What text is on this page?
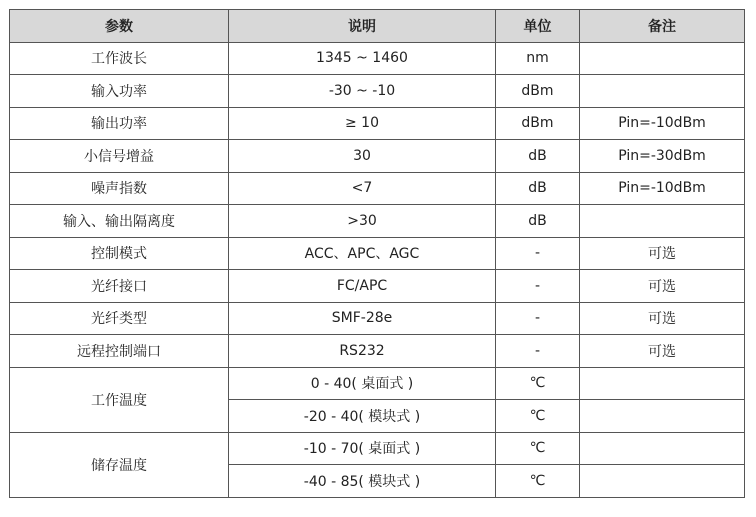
参数	说明	单位	备注
工作波长	1345 ~ 1460	nm	
输入功率	-30 ~ -10	dBm	
输出功率	≥ 10	dBm	Pin=-10dBm
小信号增益	30	dB	Pin=-30dBm
噪声指数	<7	dB	Pin=-10dBm
输入、输出隔离度	>30	dB	
控制模式	ACC、APC、AGC	-	可选
光纤接口	FC/APC	-	可选
光纤类型	SMF-28e	-	可选
远程控制端口	RS232	-	可选
工作温度	0 - 40( 桌面式 )	℃	
	-20 - 40( 模块式 )	℃	
储存温度	-10 - 70( 桌面式 )	℃	
	-40 - 85( 模块式 )	℃	
